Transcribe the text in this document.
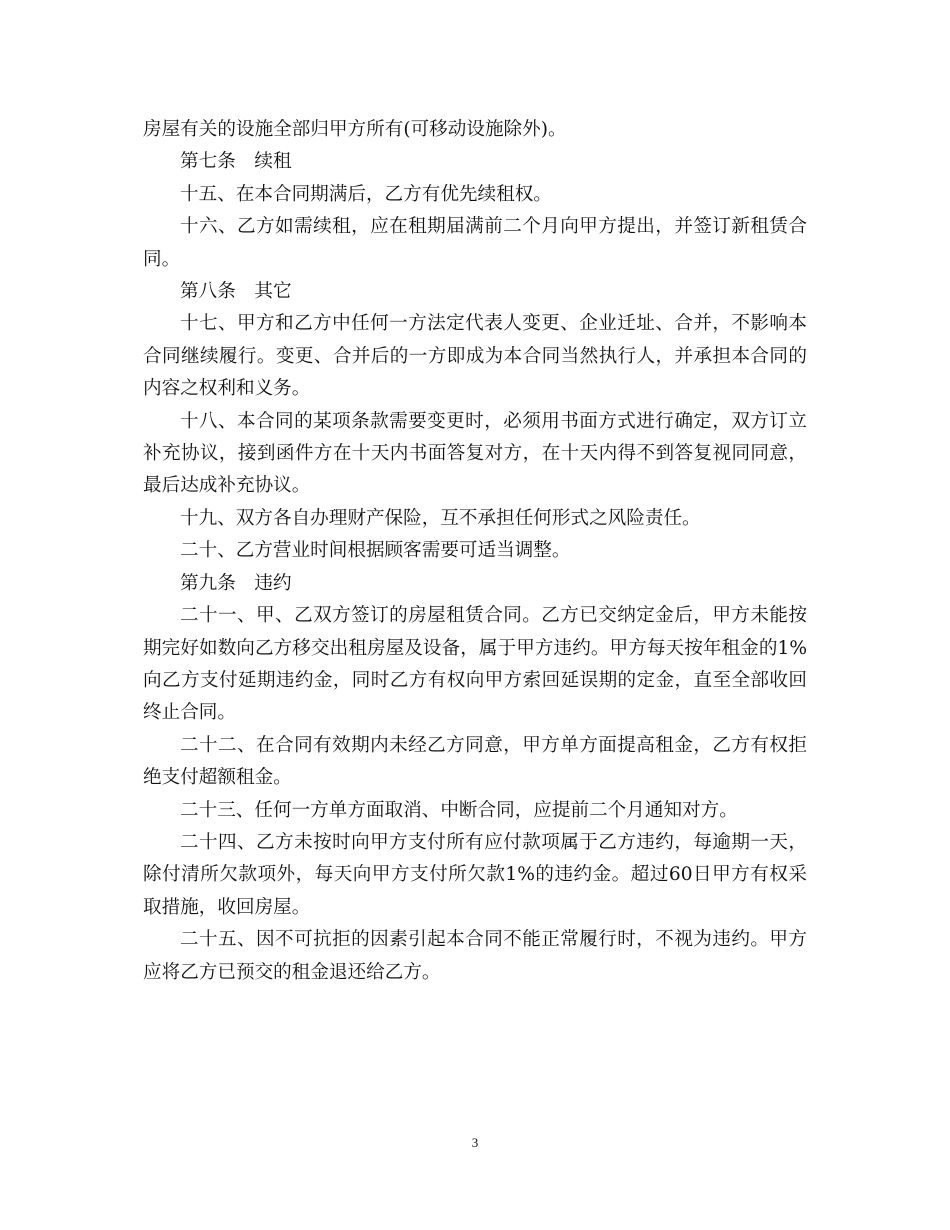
房屋有关的设施全部归甲方所有(可移动设施除外)。

第七条　续租

十五、在本合同期满后，乙方有优先续租权。

十六、乙方如需续租，应在租期届满前二个月向甲方提出，并签订新租赁合同。

第八条　其它

十七、甲方和乙方中任何一方法定代表人变更、企业迁址、合并，不影响本合同继续履行。变更、合并后的一方即成为本合同当然执行人，并承担本合同的内容之权利和义务。

十八、本合同的某项条款需要变更时，必须用书面方式进行确定，双方订立补充协议，接到函件方在十天内书面答复对方，在十天内得不到答复视同同意，最后达成补充协议。

十九、双方各自办理财产保险，互不承担任何形式之风险责任。

二十、乙方营业时间根据顾客需要可适当调整。

第九条　违约

二十一、甲、乙双方签订的房屋租赁合同。乙方已交纳定金后，甲方未能按期完好如数向乙方移交出租房屋及设备，属于甲方违约。甲方每天按年租金的1%向乙方支付延期违约金，同时乙方有权向甲方索回延误期的定金，直至全部收回终止合同。

二十二、在合同有效期内未经乙方同意，甲方单方面提高租金，乙方有权拒绝支付超额租金。

二十三、任何一方单方面取消、中断合同，应提前二个月通知对方。

二十四、乙方未按时向甲方支付所有应付款项属于乙方违约，每逾期一天，除付清所欠款项外，每天向甲方支付所欠款1%的违约金。超过60日甲方有权采取措施，收回房屋。

二十五、因不可抗拒的因素引起本合同不能正常履行时，不视为违约。甲方应将乙方已预交的租金退还给乙方。

3
